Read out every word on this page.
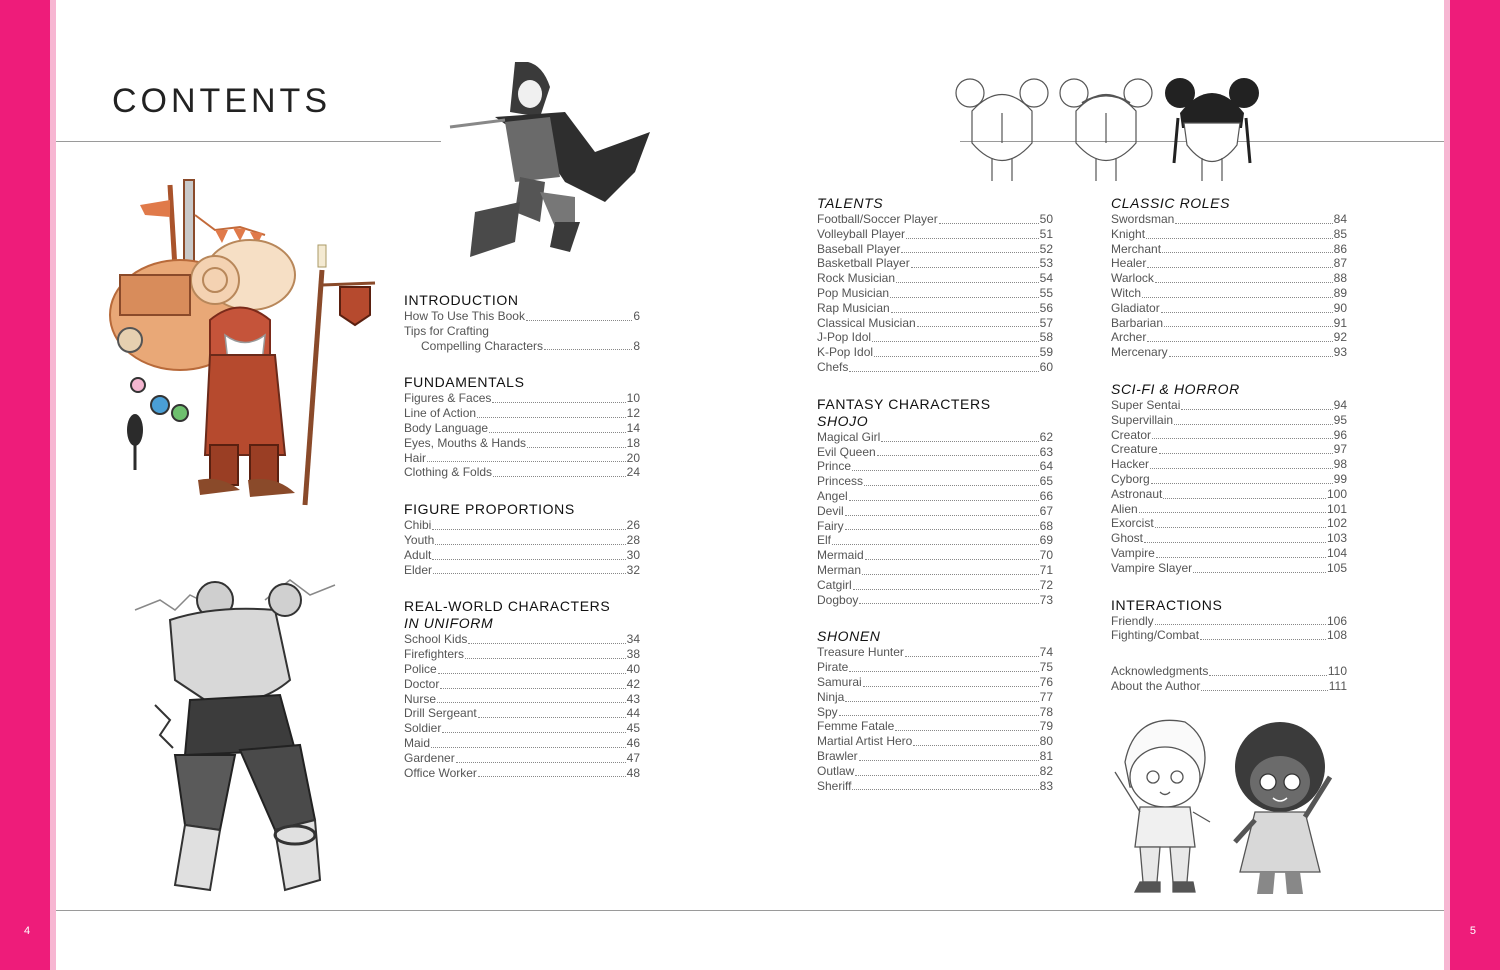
4	5
CONTENTS
INTRODUCTION
How To Use This Book	6
Tips for Crafting
Compelling Characters	8
FUNDAMENTALS
Figures & Faces	10
Line of Action	12
Body Language	14
Eyes, Mouths & Hands	18
Hair	20
Clothing & Folds	24
FIGURE PROPORTIONS
Chibi	26
Youth	28
Adult	30
Elder	32
REAL-WORLD CHARACTERS
IN UNIFORM
School Kids	34
Firefighters	38
Police	40
Doctor	42
Nurse	43
Drill Sergeant	44
Soldier	45
Maid	46
Gardener	47
Office Worker	48
TALENTS
Football/Soccer Player	50
Volleyball Player	51
Baseball Player	52
Basketball Player	53
Rock Musician	54
Pop Musician	55
Rap Musician	56
Classical Musician	57
J-Pop Idol	58
K-Pop Idol	59
Chefs	60
FANTASY CHARACTERS
SHOJO
Magical Girl	62
Evil Queen	63
Prince	64
Princess	65
Angel	66
Devil	67
Fairy	68
Elf	69
Mermaid	70
Merman	71
Catgirl	72
Dogboy	73
SHONEN
Treasure Hunter	74
Pirate	75
Samurai	76
Ninja	77
Spy	78
Femme Fatale	79
Martial Artist Hero	80
Brawler	81
Outlaw	82
Sheriff	83
CLASSIC ROLES
Swordsman	84
Knight	85
Merchant	86
Healer	87
Warlock	88
Witch	89
Gladiator	90
Barbarian	91
Archer	92
Mercenary	93
SCI-FI & HORROR
Super Sentai	94
Supervillain	95
Creator	96
Creature	97
Hacker	98
Cyborg	99
Astronaut	100
Alien	101
Exorcist	102
Ghost	103
Vampire	104
Vampire Slayer	105
INTERACTIONS
Friendly	106
Fighting/Combat	108
Acknowledgments	110
About the Author	111
